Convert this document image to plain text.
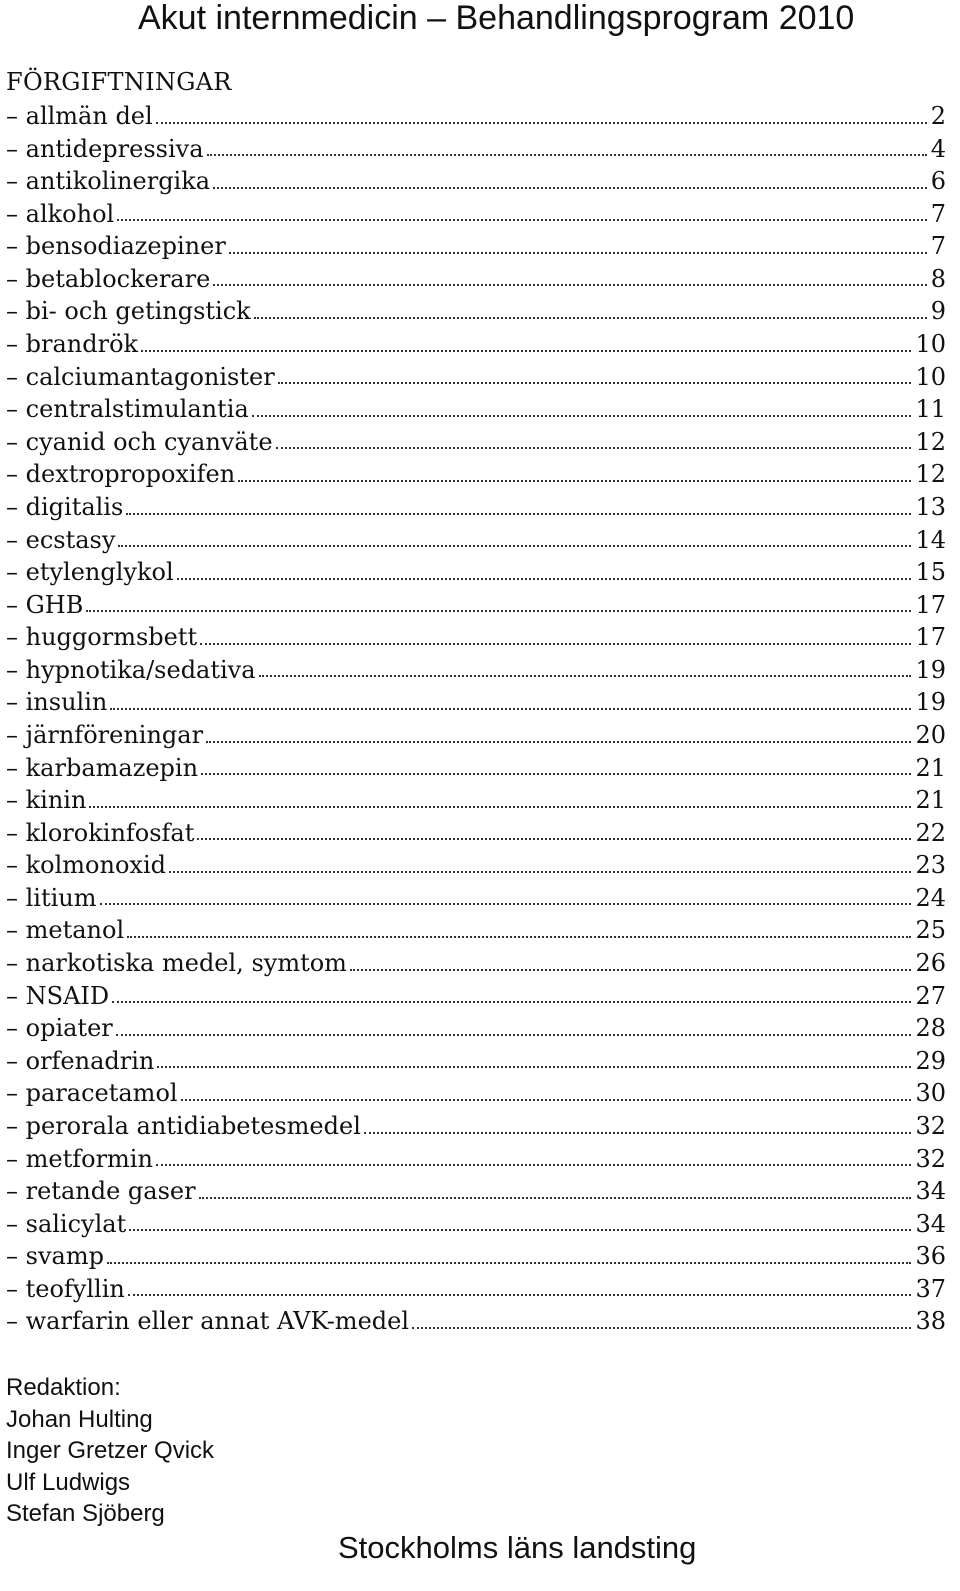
Akut internmedicin – Behandlingsprogram 2010
FÖRGIFTNINGAR
– allmän del	2
– antidepressiva	4
– antikolinergika	6
– alkohol	7
– bensodiazepiner	7
– betablockerare	8
– bi- och getingstick	9
– brandrök	10
– calciumantagonister	10
– centralstimulantia	11
– cyanid och cyanväte	12
– dextropropoxifen	12
– digitalis	13
– ecstasy	14
– etylenglykol	15
– GHB	17
– huggormsbett	17
– hypnotika/sedativa	19
– insulin	19
– järnföreningar	20
– karbamazepin	21
– kinin	21
– klorokinfosfat	22
– kolmonoxid	23
– litium	24
– metanol	25
– narkotiska medel, symtom	26
– NSAID	27
– opiater	28
– orfenadrin	29
– paracetamol	30
– perorala antidiabetesmedel	32
– metformin	32
– retande gaser	34
– salicylat	34
– svamp	36
– teofyllin	37
– warfarin eller annat AVK-medel	38
Redaktion:
Johan Hulting
Inger Gretzer Qvick
Ulf Ludwigs
Stefan Sjöberg
Stockholms läns landsting
